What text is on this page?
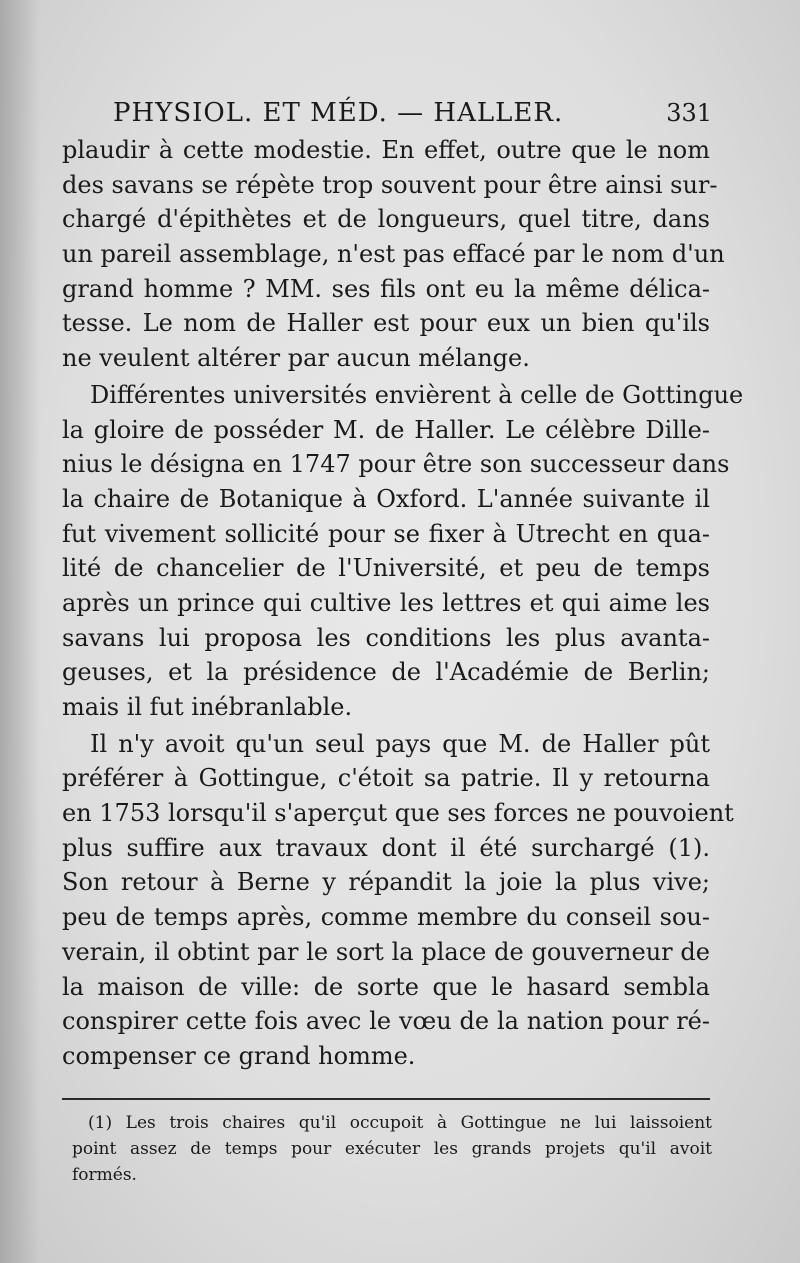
PHYSIOL. ET MÉD. — HALLER.	331
plaudir à cette modestie. En effet, outre que le nom
des savans se répète trop souvent pour être ainsi sur-
chargé d'épithètes et de longueurs, quel titre, dans
un pareil assemblage, n'est pas effacé par le nom d'un
grand homme ? MM. ses fils ont eu la même délica-
tesse. Le nom de Haller est pour eux un bien qu'ils
ne veulent altérer par aucun mélange.
Différentes universités envièrent à celle de Gottingue
la gloire de posséder M. de Haller. Le célèbre Dille-
nius le désigna en 1747 pour être son successeur dans
la chaire de Botanique à Oxford. L'année suivante il
fut vivement sollicité pour se fixer à Utrecht en qua-
lité de chancelier de l'Université, et peu de temps
après un prince qui cultive les lettres et qui aime les
savans lui proposa les conditions les plus avanta-
geuses, et la présidence de l'Académie de Berlin;
mais il fut inébranlable.
Il n'y avoit qu'un seul pays que M. de Haller pût
préférer à Gottingue, c'étoit sa patrie. Il y retourna
en 1753 lorsqu'il s'aperçut que ses forces ne pouvoient
plus suffire aux travaux dont il été surchargé (1).
Son retour à Berne y répandit la joie la plus vive;
peu de temps après, comme membre du conseil sou-
verain, il obtint par le sort la place de gouverneur de
la maison de ville: de sorte que le hasard sembla
conspirer cette fois avec le vœu de la nation pour ré-
compenser ce grand homme.
(1) Les trois chaires qu'il occupoit à Gottingue ne lui laissoient
point assez de temps pour exécuter les grands projets qu'il avoit
formés.
